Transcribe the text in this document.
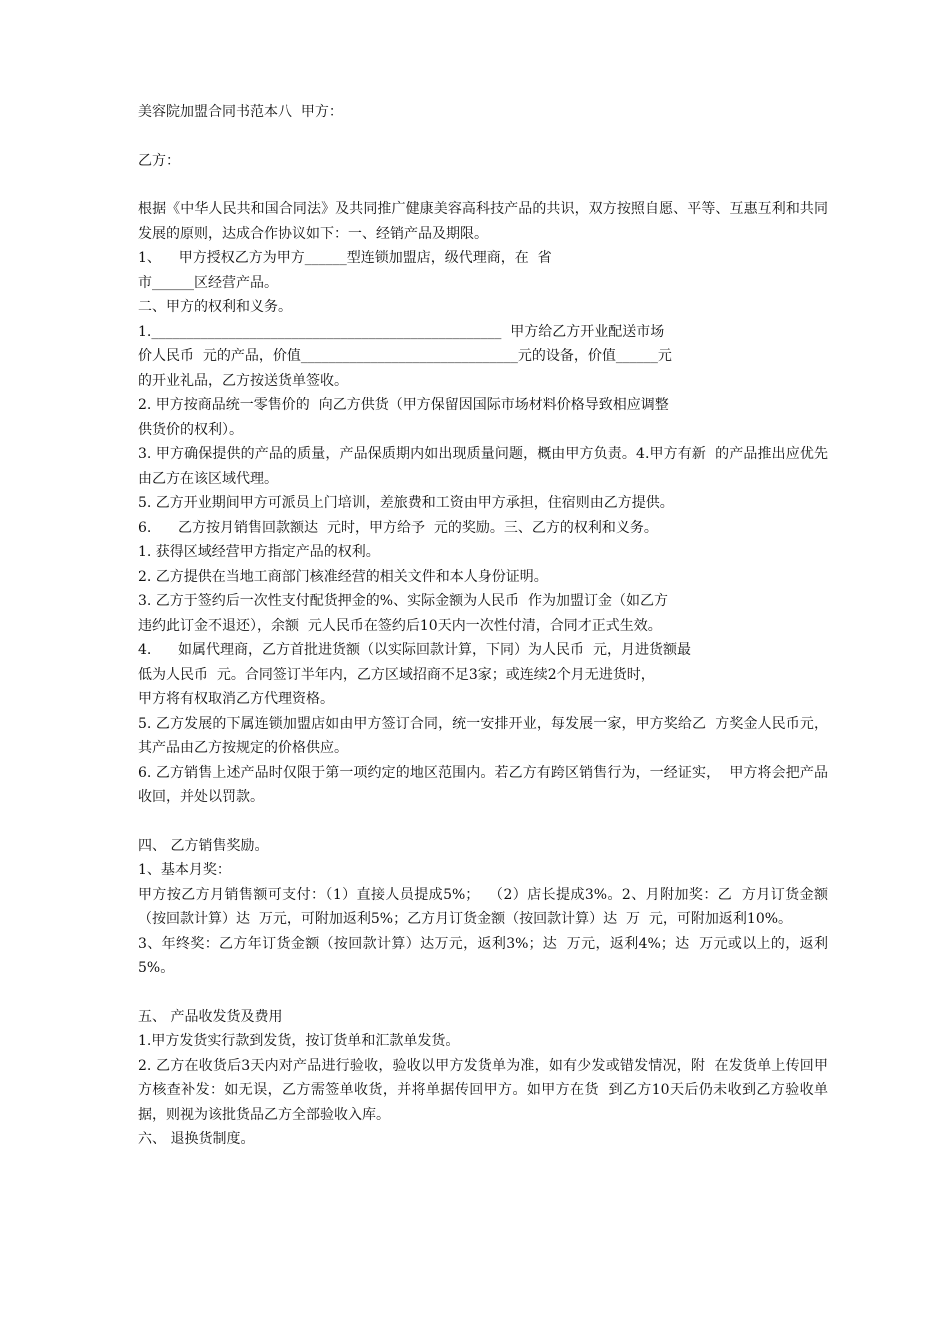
美容院加盟合同书范本八  甲方：

乙方：

根据《中华人民共和国合同法》及共同推广健康美容高科技产品的共识，双方按照自愿、平等、互惠互利和共同发展的原则，达成合作协议如下：一、经销产品及期限。

1、    甲方授权乙方为甲方______型连锁加盟店，级代理商，在  省

市______区经营产品。

二、甲方的权利和义务。

1.__________________________________________________  甲方给乙方开业配送市场

价人民币  元的产品，价值_______________________________元的设备，价值______元

的开业礼品，乙方按送货单签收。

2. 甲方按商品统一零售价的  向乙方供货（甲方保留因国际市场材料价格导致相应调整

供货价的权利）。

3. 甲方确保提供的产品的质量，产品保质期内如出现质量问题，概由甲方负责。4.甲方有新  的产品推出应优先由乙方在该区域代理。

5. 乙方开业期间甲方可派员上门培训，差旅费和工资由甲方承担，住宿则由乙方提供。

6.      乙方按月销售回款额达  元时，甲方给予  元的奖励。三、乙方的权利和义务。

1. 获得区域经营甲方指定产品的权利。

2. 乙方提供在当地工商部门核准经营的相关文件和本人身份证明。

3. 乙方于签约后一次性支付配货押金的%、实际金额为人民币  作为加盟订金（如乙方

违约此订金不退还），余额  元人民币在签约后10天内一次性付清，合同才正式生效。

4.      如属代理商，乙方首批进货额（以实际回款计算，下同）为人民币  元，月进货额最

低为人民币  元。合同签订半年内，乙方区域招商不足3家；或连续2个月无进货时，

甲方将有权取消乙方代理资格。

5. 乙方发展的下属连锁加盟店如由甲方签订合同，统一安排开业，每发展一家，甲方奖给乙  方奖金人民币元，其产品由乙方按规定的价格供应。

6. 乙方销售上述产品时仅限于第一项约定的地区范围内。若乙方有跨区销售行为，一经证实，  甲方将会把产品收回，并处以罚款。

四、 乙方销售奖励。

1、基本月奖：

甲方按乙方月销售额可支付：（1）直接人员提成5%；  （2）店长提成3%。2、月附加奖：乙  方月订货金额（按回款计算）达  万元，可附加返利5%；乙方月订货金额（按回款计算）达  万  元，可附加返利10%。

3、年终奖：乙方年订货金额（按回款计算）达万元，返利3%；达  万元，返利4%；达  万元或以上的，返利5%。

五、 产品收发货及费用

1.甲方发货实行款到发货，按订货单和汇款单发货。

2. 乙方在收货后3天内对产品进行验收，验收以甲方发货单为准，如有少发或错发情况，附  在发货单上传回甲方核查补发：如无误，乙方需签单收货，并将单据传回甲方。如甲方在货  到乙方10天后仍未收到乙方验收单据，则视为该批货品乙方全部验收入库。

六、 退换货制度。
